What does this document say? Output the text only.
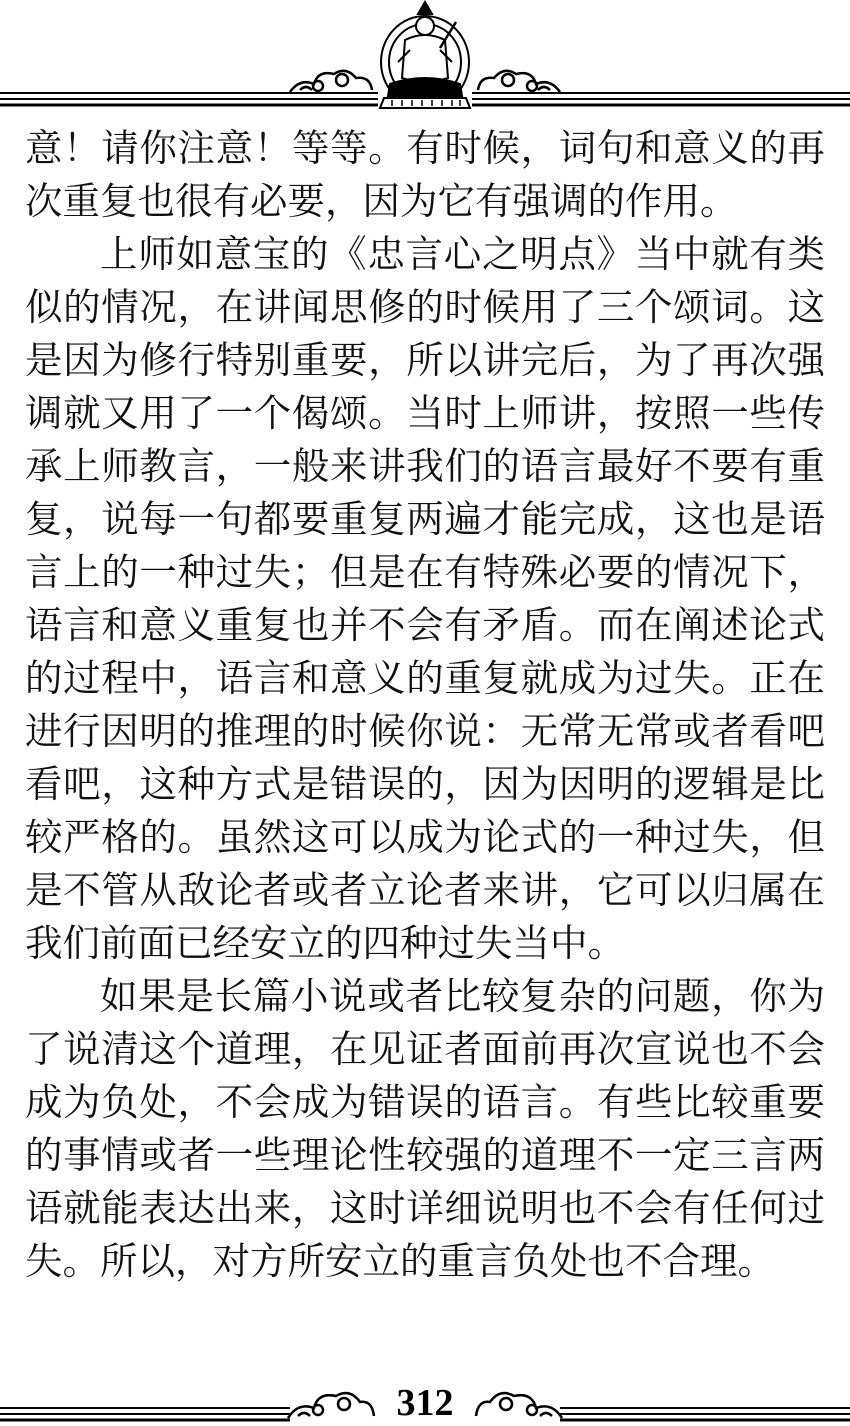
意！请你注意！等等。有时候，词句和意义的再次重复也很有必要，因为它有强调的作用。

上师如意宝的《忠言心之明点》当中就有类似的情况，在讲闻思修的时候用了三个颂词。这是因为修行特别重要，所以讲完后，为了再次强调就又用了一个偈颂。当时上师讲，按照一些传承上师教言，一般来讲我们的语言最好不要有重复，说每一句都要重复两遍才能完成，这也是语言上的一种过失；但是在有特殊必要的情况下，语言和意义重复也并不会有矛盾。而在阐述论式的过程中，语言和意义的重复就成为过失。正在进行因明的推理的时候你说：无常无常或者看吧看吧，这种方式是错误的，因为因明的逻辑是比较严格的。虽然这可以成为论式的一种过失，但是不管从敌论者或者立论者来讲，它可以归属在我们前面已经安立的四种过失当中。

如果是长篇小说或者比较复杂的问题，你为了说清这个道理，在见证者面前再次宣说也不会成为负处，不会成为错误的语言。有些比较重要的事情或者一些理论性较强的道理不一定三言两语就能表达出来，这时详细说明也不会有任何过失。所以，对方所安立的重言负处也不合理。

312
